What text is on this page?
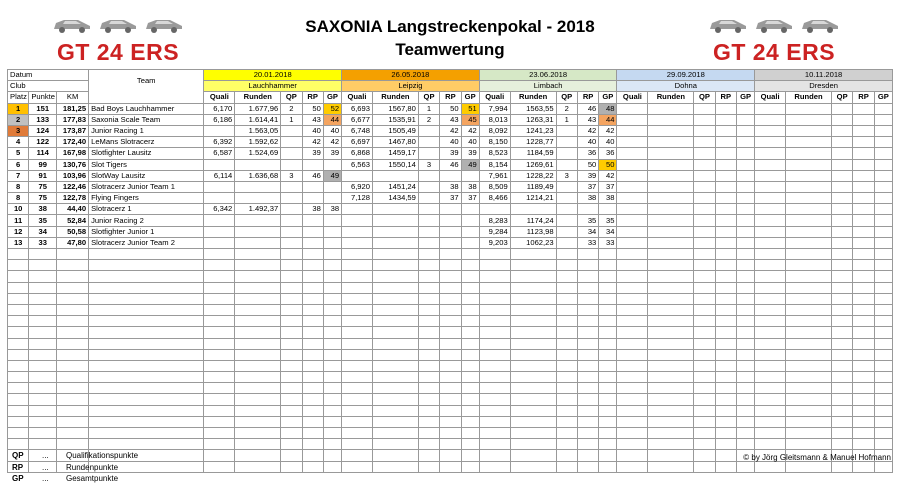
GT 24 ERS	GT 24 ERS
SAXONIA Langstreckenpokal - 2018
Teamwertung
Datum			Team	20.01.2018					26.05.2018					23.06.2018					29.09.2018					10.11.2018				
Club				Lauchhammer					Leipzig					Limbach					Dohna					Dresden				
Platz	Punkte	KM		Quali	Runden	QP	RP	GP	Quali	Runden	QP	RP	GP	Quali	Runden	QP	RP	GP	Quali	Runden	QP	RP	GP	Quali	Runden	QP	RP	GP
1	151	181,25	Bad Boys Lauchhammer	6,170	1.677,96	2	50	52	6,693	1567,80	1	50	51	7,994	1563,55	2	46	48										
2	133	177,83	Saxonia Scale Team	6,186	1.614,41	1	43	44	6,677	1535,91	2	43	45	8,013	1263,31	1	43	44										
3	124	173,87	Junior Racing 1		1.563,05		40	40	6,748	1505,49		42	42	8,092	1241,23		42	42										
4	122	172,40	LeMans Slotracerz	6,392	1.592,62		42	42	6,697	1467,80		40	40	8,150	1228,77		40	40										
5	114	167,98	Slotfighter Lausitz	6,587	1.524,69		39	39	6,868	1459,17		39	39	8,523	1184,59		36	36										
6	99	130,76	Slot Tigers						6,563	1550,14	3	46	49	8,154	1269,61		50	50										
7	91	103,96	SlotWay Lausitz	6,114	1.636,68	3	46	49						7,961	1228,22	3	39	42										
8	75	122,46	Slotracerz Junior Team 1						6,920	1451,24		38	38	8,509	1189,49		37	37										
8	75	122,78	Flying Fingers						7,128	1434,59		37	37	8,466	1214,21		38	38										
10	38	44,40	Slotracerz 1	6,342	1.492,37		38	38																				
11	35	52,84	Junior Racing 2											8,283	1174,24		35	35										
12	34	50,58	Slotfighter Junior 1											9,284	1123,98		34	34										
13	33	47,80	Slotracerz Junior Team 2											9,203	1062,23		33	33										

QP	...	Qualifikationspunkte
RP	...	Rundenpunkte
GP	...	Gesamtpunkte
© by Jörg Gleitsmann & Manuel Hofmann
